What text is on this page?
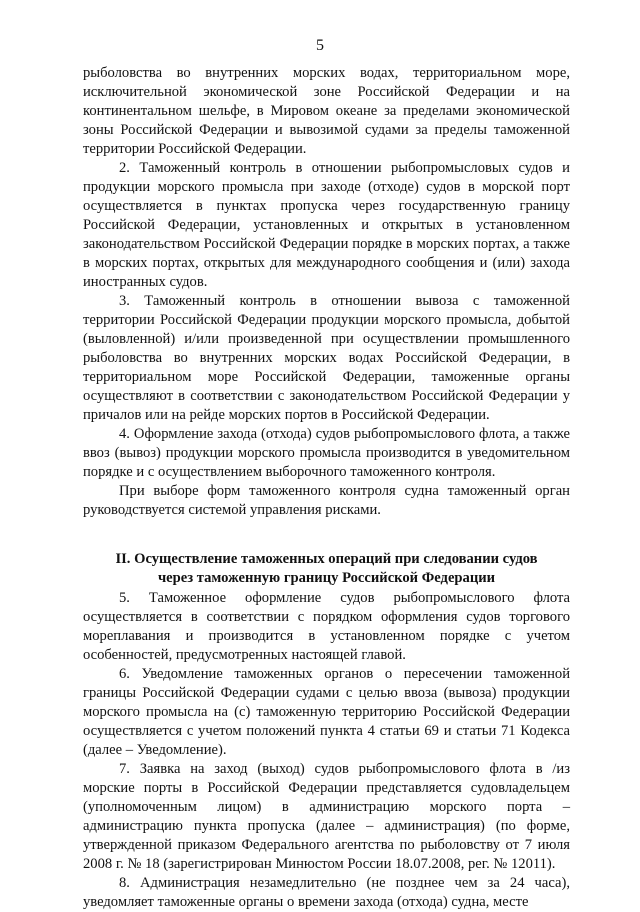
5

рыболовства во внутренних морских водах, территориальном море, исключительной экономической зоне Российской Федерации и на континентальном шельфе, в Мировом океане за пределами экономической зоны Российской Федерации и вывозимой судами за пределы таможенной территории Российской Федерации.

2. Таможенный контроль в отношении рыбопромысловых судов и продукции морского промысла при заходе (отходе) судов в морской порт осуществляется в пунктах пропуска через государственную границу Российской Федерации, установленных и открытых в установленном законодательством Российской Федерации порядке в морских портах, а также в морских портах, открытых для международного сообщения и (или) захода иностранных судов.

3. Таможенный контроль в отношении вывоза с таможенной территории Российской Федерации продукции морского промысла, добытой (выловленной) и/или произведенной при осуществлении промышленного рыболовства во внутренних морских водах Российской Федерации, в территориальном море Российской Федерации, таможенные органы осуществляют в соответствии с законодательством Российской Федерации у причалов или на рейде морских портов в Российской Федерации.

4. Оформление захода (отхода) судов рыбопромыслового флота, а также ввоз (вывоз) продукции морского промысла производится в уведомительном порядке и с осуществлением выборочного таможенного контроля.

При выборе форм таможенного контроля судна таможенный орган руководствуется системой управления рисками.

II. Осуществление таможенных операций при следовании судов
через таможенную границу Российской Федерации

5. Таможенное оформление судов рыбопромыслового флота осуществляется в соответствии с порядком оформления судов торгового мореплавания и производится в установленном порядке с учетом особенностей, предусмотренных настоящей главой.

6. Уведомление таможенных органов о пересечении таможенной границы Российской Федерации судами с целью ввоза (вывоза) продукции морского промысла на (с) таможенную территорию Российской Федерации осуществляется с учетом положений пункта 4 статьи 69 и статьи 71 Кодекса (далее – Уведомление).

7. Заявка на заход (выход) судов рыбопромыслового флота в /из морские порты в Российской Федерации представляется судовладельцем (уполномоченным лицом) в администрацию морского порта – администрацию пункта пропуска (далее – администрация) (по форме, утвержденной приказом Федерального агентства по рыболовству от 7 июля 2008 г. № 18 (зарегистрирован Минюстом России 18.07.2008, рег. № 12011).

8. Администрация незамедлительно (не позднее чем за 24 часа), уведомляет таможенные органы о времени захода (отхода) судна, месте
